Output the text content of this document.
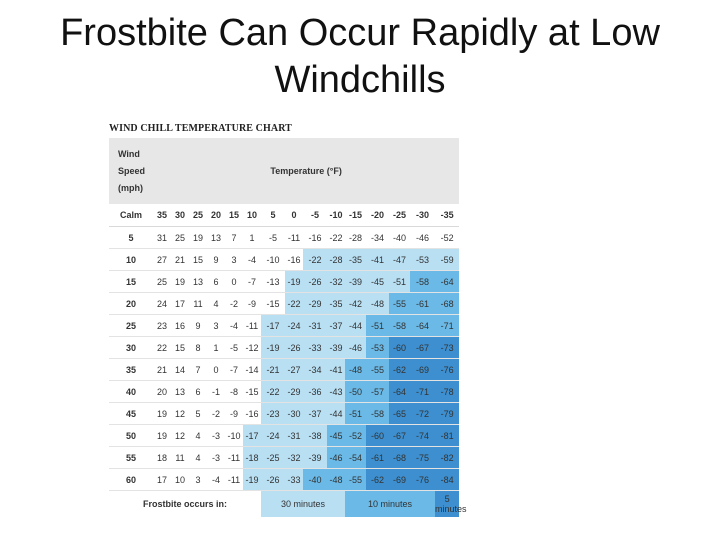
Frostbite Can Occur Rapidly at Low
Windchills
WIND CHILL TEMPERATURE CHART
Wind
Speed
(mph)	Temperature (°F)														
Calm	35	30	25	20	15	10	5	0	-5	-10	-15	-20	-25	-30	-35
5	31	25	19	13	7	1	-5	-11	-16	-22	-28	-34	-40	-46	-52
10	27	21	15	9	3	-4	-10	-16	-22	-28	-35	-41	-47	-53	-59
15	25	19	13	6	0	-7	-13	-19	-26	-32	-39	-45	-51	-58	-64
20	24	17	11	4	-2	-9	-15	-22	-29	-35	-42	-48	-55	-61	-68
25	23	16	9	3	-4	-11	-17	-24	-31	-37	-44	-51	-58	-64	-71
30	22	15	8	1	-5	-12	-19	-26	-33	-39	-46	-53	-60	-67	-73
35	21	14	7	0	-7	-14	-21	-27	-34	-41	-48	-55	-62	-69	-76
40	20	13	6	-1	-8	-15	-22	-29	-36	-43	-50	-57	-64	-71	-78
45	19	12	5	-2	-9	-16	-23	-30	-37	-44	-51	-58	-65	-72	-79
50	19	12	4	-3	-10	-17	-24	-31	-38	-45	-52	-60	-67	-74	-81
55	18	11	4	-3	-11	-18	-25	-32	-39	-46	-54	-61	-68	-75	-82
60	17	10	3	-4	-11	-19	-26	-33	-40	-48	-55	-62	-69	-76	-84
Frostbite occurs in:							30 minutes				10 minutes				5 minutes
